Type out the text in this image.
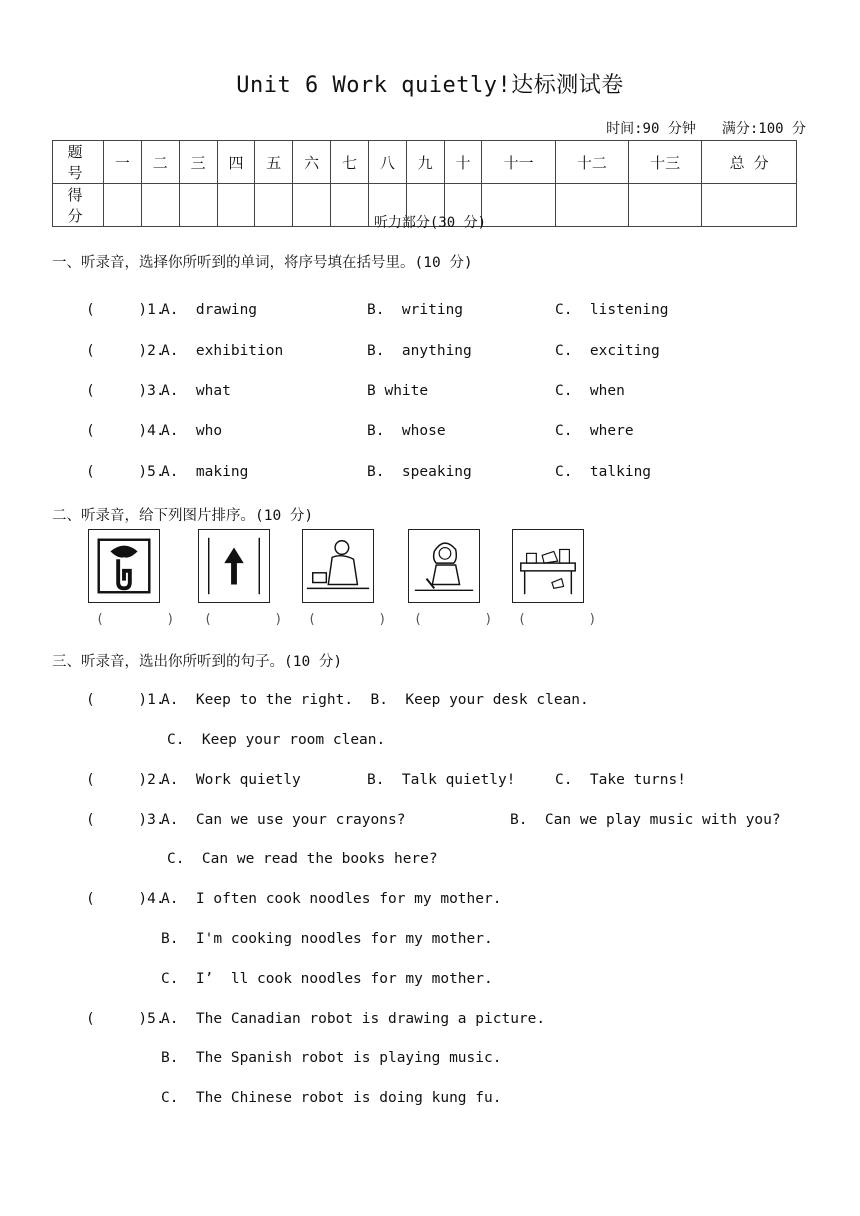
Unit 6 Work quietly!达标测试卷
时间:90 分钟 满分:100 分
题 号	一	二	三	四	五	六	七	八	九	十	十一	十二	十三	总 分
得 分															听力部分(30 分)
一、听录音，选择你所听到的单词，将序号填在括号里。(10 分)
(     )1.
A.  drawing	B.  writing	C.  listening
(     )2.
A.  exhibition	B.  anything	C.  exciting
(     )3.
A.  what	B white	C.  when
(     )4.
A.  who	B.  whose	C.  where
(     )5.
A.  making	B.  speaking	C.  talking
二、听录音，给下列图片排序。(10 分)
(        ) (        ) (        ) (        ) (        )
三、听录音，选出你所听到的句子。(10 分)
(     )1.
A.  Keep to the right.  B.  Keep your desk clean.
C.  Keep your room clean.
(     )2.
A.  Work quietly	B.  Talk quietly!	C.  Take turns!
(     )3.
A.  Can we use your crayons?	B.  Can we play music with you?
C.  Can we read the books here?
(     )4.
A.  I often cook noodles for my mother.
B.  I'm cooking noodles for my mother.
C.  I’  ll cook noodles for my mother.
(     )5.
A.  The Canadian robot is drawing a picture.
B.  The Spanish robot is playing music.
C.  The Chinese robot is doing kung fu.
